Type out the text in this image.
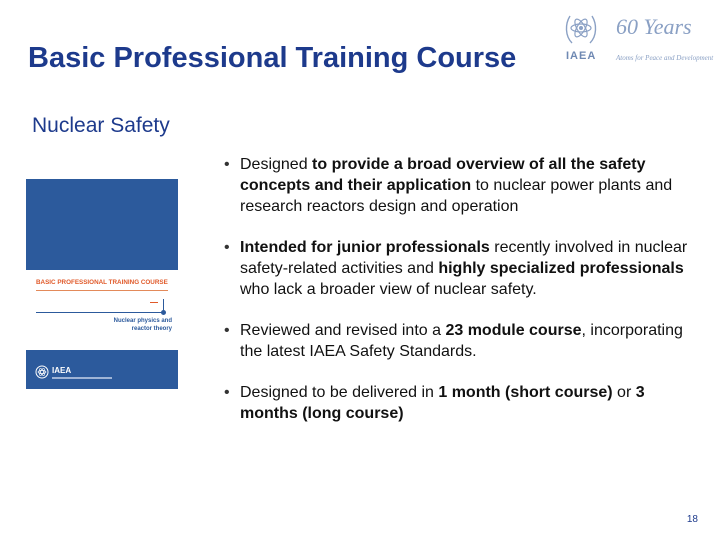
Basic Professional Training Course	IAEA
60 Years
Atoms for Peace and Development
Nuclear Safety
BASIC PROFESSIONAL TRAINING COURSE
Nuclear physics and
reactor theory
IAEA
• Designed to provide a broad overview of all the safety concepts and their application to nuclear power plants and research reactors design and operation
• Intended for junior professionals recently involved in nuclear safety-related activities and highly specialized professionals who lack a broader view of nuclear safety.
• Reviewed and revised into a 23 module course, incorporating the latest IAEA Safety Standards.
• Designed to be delivered in 1 month (short course) or 3 months (long course)
18
